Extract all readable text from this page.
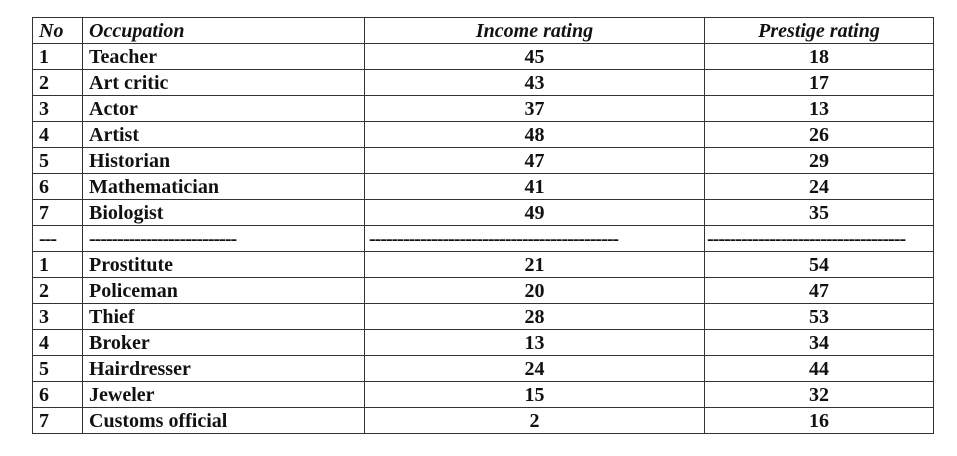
No	Occupation	Income rating	Prestige rating
1	Teacher	45	18
2	Art critic	43	17
3	Actor	37	13
4	Artist	48	26
5	Historian	47	29
6	Mathematician	41	24
7	Biologist	49	35
---	--------------------------	--------------------------------------------	-----------------------------------
1	Prostitute	21	54
2	Policeman	20	47
3	Thief	28	53
4	Broker	13	34
5	Hairdresser	24	44
6	Jeweler	15	32
7	Customs official	2	16
